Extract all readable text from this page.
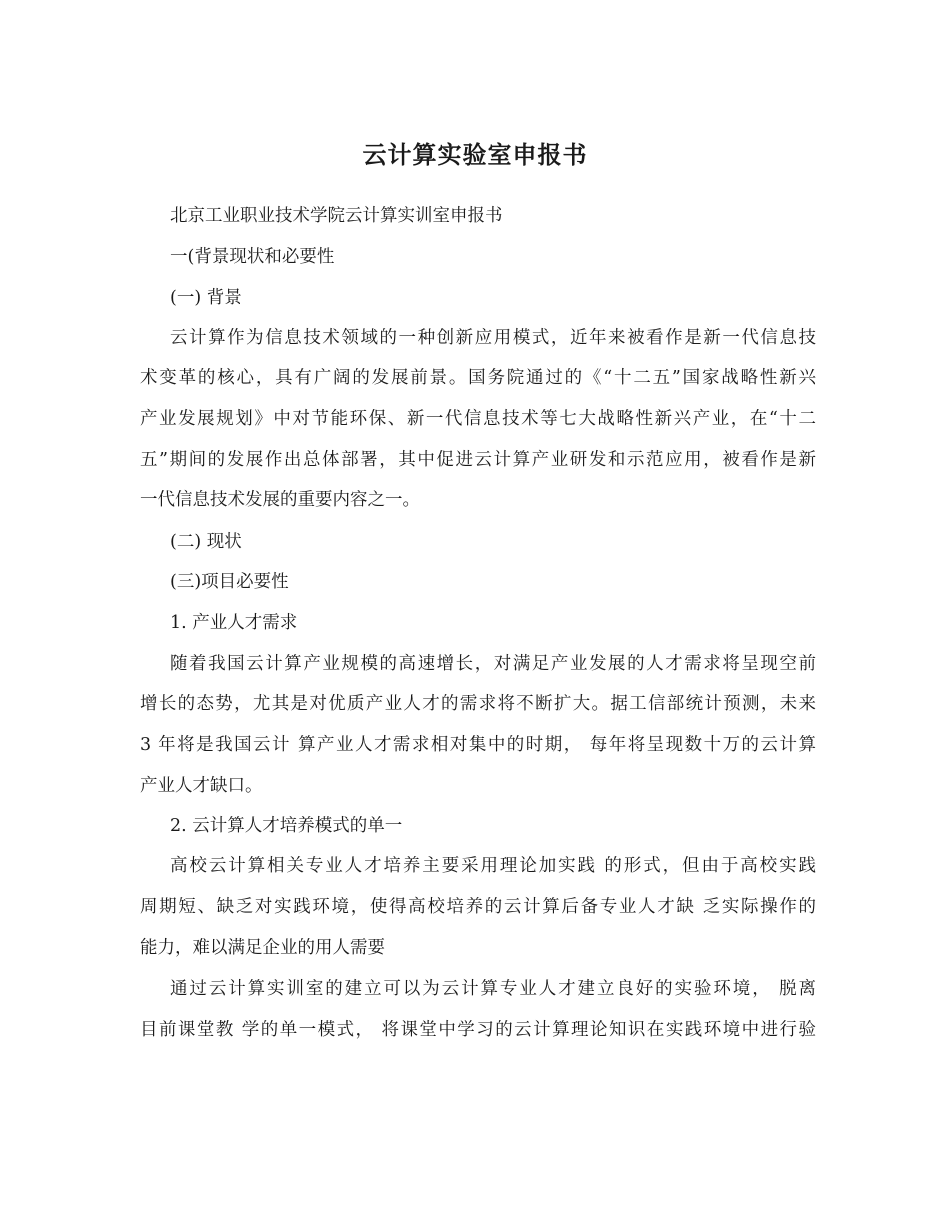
云计算实验室申报书

北京工业职业技术学院云计算实训室申报书

一(背景现状和必要性

(一) 背景

云计算作为信息技术领域的一种创新应用模式，近年来被看作是新一代信息技

术变革的核心，具有广阔的发展前景。国务院通过的《“十二五”国家战略性新兴

产业发展规划》中对节能环保、新一代信息技术等七大战略性新兴产业，在“十二

五”期间的发展作出总体部署，其中促进云计算产业研发和示范应用，被看作是新

一代信息技术发展的重要内容之一。

(二) 现状

(三)项目必要性

1. 产业人才需求

随着我国云计算产业规模的高速增长，对满足产业发展的人才需求将呈现空前

增长的态势，尤其是对优质产业人才的需求将不断扩大。据工信部统计预测，未来

3 年将是我国云计 算产业人才需求相对集中的时期， 每年将呈现数十万的云计算

产业人才缺口。

2. 云计算人才培养模式的单一

高校云计算相关专业人才培养主要采用理论加实践 的形式，但由于高校实践

周期短、缺乏对实践环境，使得高校培养的云计算后备专业人才缺 乏实际操作的

能力，难以满足企业的用人需要

通过云计算实训室的建立可以为云计算专业人才建立良好的实验环境， 脱离

目前课堂教 学的单一模式， 将课堂中学习的云计算理论知识在实践环境中进行验
